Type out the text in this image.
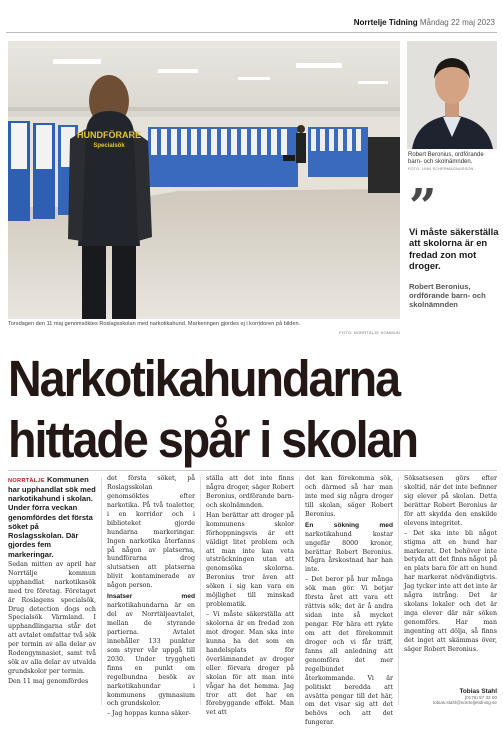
Norrtelje Tidning Måndag 22 maj 2023
HUNDFÖRARE
Specialsök
Torsdagen den 11 maj genomsöktes Roslagsskolan med narkotikahund. Markeringen gjordes ej i korridoren på bilden.
FOTO: NORRTÄLJE KOMMUN
Robert Beronius, ordförande barn- och skolnämnden.
FOTO: LINN SCHERMAGNUSSON
”
Vi måste säkerställa att skolorna är en fredad zon mot droger.
Robert Beronius, ordförande barn- och skolnämnden
Narkotikahundarna
hittade spår i skolan

NORRTÄLJE Kommunen har upphandlat sök med narkotikahund i skolan. Under förra veckan genomfördes det första söket på Roslagsskolan. Där gjordes fem markeringar.

Sedan mitten av april har Norrtälje kommun upphandlat narkotikasök med tre företag. Företaget är Roslagens specialsök, Drug detection dogs och Specialsök Värmland. I upphandlingarna står det att avtalet omfattar två sök per termin av alla delar av Rodengymnasiet, samt två sök av alla delar av utvalda grundskolor per termin.

Den 11 maj genomfördes

det första söket, på Roslagsskolan genomsöktes efter narkotika. På två toaletter, i en korridor och i biblioteket gjorde hundarna markeringar. Ingen narkotika återfanns på någon av platserna, hundförarna drog slutsatsen att platserna blivit kontaminerade av någon person.

Insatser med narkotikahundarna är en del av Norrtäljeavtalet, mellan de styrande partierna. Avtalet innehåller 133 punkter som styrer vår uppgå till 2030. Under tryggheti finns en punkt om regelbundna besök av narkotikahundar i kommunens gymnasium och grundskolor.

– Jag hoppas kunna säker-

ställa att det inte finns några droger, säger Robert Beronius, ordförande barn- och skolnämnden.

Han berättar att droger på kommunens skolor förhoppningsvis är ett väldigt litet problem och att man inte kan veta utsträckningen utan att genomsöka skolorna. Beronius tror även att söken i sig kan vara en möjlighet till minskad problematik.

– Vi måste säkerställa att skolorna är en fredad zon mot droger. Man ska inte kunna ha det som en handelsplats för överlämnandet av droger eller förvara droger på skolan för att man inte vågar ha det hemma. Jag tror att det har en förebyggande effekt. Man vet att

det kan förekomma sök, och därmed så har man inte med sig några droger till skolan, säger Robert Beronius.

En sökning med narkotikahund kostar ungefär 8000 kronor, berättar Robert Beronius. Några årskostnad har han inte.

– Det beror på hur många sök man gör. Vi betjar första året att vara ett rättvis sök; det är å andra sidan inte så mycket pengar. För hära ett rykte om att det förekommit droger och vi får träff, fanns all anledning att genomföra det mer regelbundet återkommande. Vi är politiskt beredda att avsätta pengar till det här, om det visar sig att det behövs och att det fungerar.

Söksatsesen görs efter skoltid, när det inte befinner sig elever på skolan. Detta berättar Robert Beronius är för att skydda den enskilde elevens integritet.

– Det ska inte bli något stigma att en hund har markerat. Det behöver inte betyda att det finns något på en plats bara för att en hund har markerat nödvändigtvis. Jag tycker inte att det inte är några intrång. Det är skolans lokaler och det är inga elever där när söken genomförs. Har man ingenting att dölja, så finns det inget att skämmas över, säger Robert Beronius.

Tobias Stahl
(0176) 57 32 00
tobias.stahl@norrteljetidning.se
